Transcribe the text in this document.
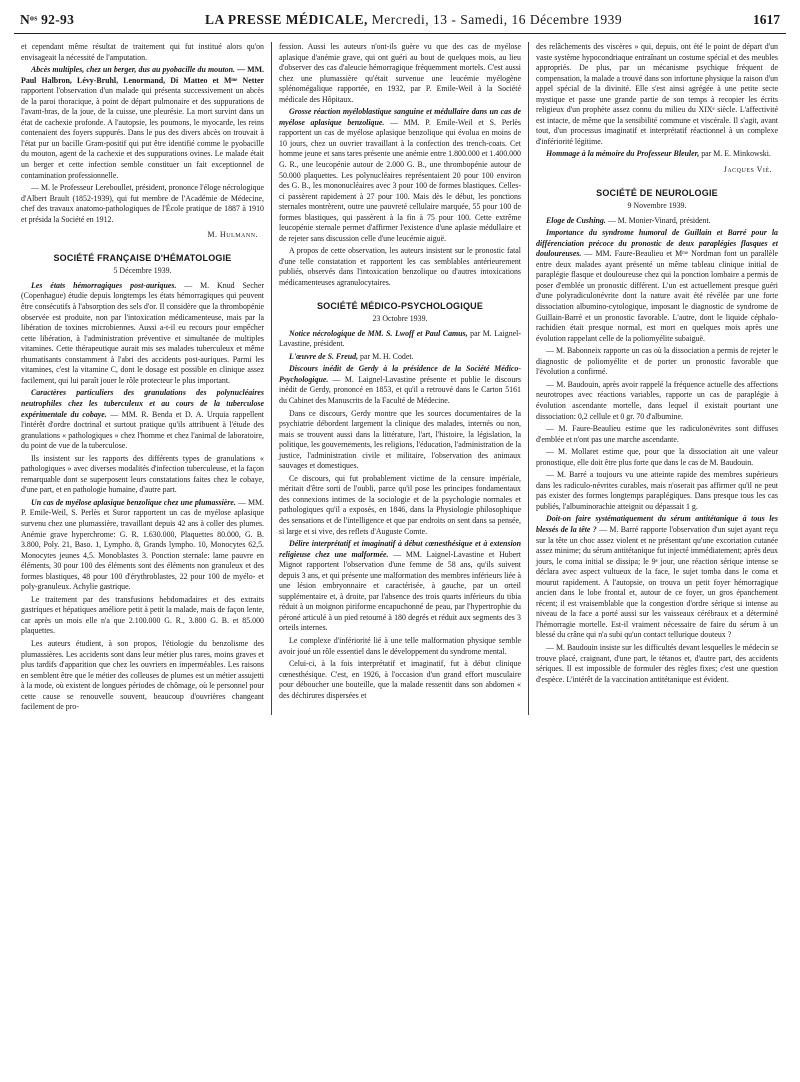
Nᵒˢ 92-93	LA PRESSE MÉDICALE, Mercredi, 13 - Samedi, 16 Décembre 1939	1617

et cependant même résultat de traitement qui fut institué alors qu'on envisageait la nécessité de l'amputation.

Abcès multiples, chez un berger, dus au pyobacille du mouton. — MM. Paul Halbron, Lévy-Bruhl, Lenormand, Di Matteo et Mᵐᵉ Netter rapportent l'observation d'un malade qui présenta successivement un abcès de la paroi thoracique, à point de départ pulmonaire et des suppurations de l'avant-bras, de la joue, de la cuisse, une pleurésie. La mort survint dans un état de cachexie profonde. A l'autopsie, les poumons, le myocarde, les reins contenaient des foyers suppurés. Dans le pus des divers abcès on trouvait à l'état pur un bacille Gram-positif qui put être identifié comme le pyobacille du mouton, agent de la cachexie et des suppurations ovines. Le malade était un berger et cette infection semble constituer un fait exceptionnel de contamination professionnelle.

— M. le Professeur Lereboullet, président, prononce l'éloge nécrologique d'Albert Brault (1852-1939), qui fut membre de l'Académie de Médecine, chef des travaux anatomo-pathologiques de l'École pratique de 1887 à 1910 et présida la Société en 1912.

M. Hulmann.
SOCIÉTÉ FRANÇAISE D'HÉMATOLOGIE
5 Décembre 1939.

Les états hémorragiques post-auriques. — M. Knud Secher (Copenhague) étudie depuis longtemps les états hémorragiques qui peuvent être consécutifs à l'absorption des sels d'or. Il considère que la thrombopénie observée est produite, non par l'intoxication médicamenteuse, mais par la libération de toxines microbiennes. Aussi a-t-il eu recours pour empêcher cette libération, à l'administration préventive et simultanée de multiples vitamines. Cette thérapeutique aurait mis ses malades tuberculeux et même rhumatisants constamment à l'abri des accidents post-auriques. Parmi les vitamines, c'est la vitamine C, dont le dosage est possible en clinique assez facilement, qui lui paraît jouer le rôle protecteur le plus important.

Caractères particuliers des granulations des polynucléaires neutrophiles chez les tuberculeux et au cours de la tuberculose expérimentale du cobaye. — MM. R. Benda et D. A. Urquia rappellent l'intérêt d'ordre doctrinal et surtout pratique qu'ils attribuent à l'étude des granulations « pathologiques » chez l'homme et chez l'animal de laboratoire, du point de vue de la tuberculose.

Ils insistent sur les rapports des différents types de granulations « pathologiques » avec diverses modalités d'infection tuberculeuse, et la façon remarquable dont se superposent leurs constatations faites chez le cobaye, d'une part, et en pathologie humaine, d'autre part.

Un cas de myélose aplasique benzolique chez une plumassière. — MM. P. Emile-Weil, S. Perlès et Suror rapportent un cas de myélose aplasique survenu chez une plumassière, travaillant depuis 42 ans à coller des plumes. Anémie grave hyperchrome: G. R. 1.630.000, Plaquettes 80.000, G. B. 3.800, Poly. 21, Baso. 1, Lympho. 8, Grands lympho. 10, Monocytes 62,5. Monocytes jeunes 4,5. Monoblastes 3. Ponction sternale: lame pauvre en éléments, 30 pour 100 des éléments sont des éléments non granuleux et des formes blastiques, 48 pour 100 d'érythroblastes, 22 pour 100 de myélo- et poly-granuleux. Achylie gastrique.

Le traitement par des transfusions hebdomadaires et des extraits gastriques et hépatiques améliore petit à petit la malade, mais de façon lente, car après un mois elle n'a que 2.100.000 G. R., 3.800 G. B. et 85.000 plaquettes.

Les auteurs étudient, à son propos, l'étiologie du benzolisme des plumassières. Les accidents sont dans leur métier plus rares, moins graves et plus tardifs d'apparition que chez les ouvriers en imperméables. Les raisons en semblent être que le métier des colleuses de plumes est un métier assujetti à la mode, où existent de longues périodes de chômage, où le personnel pour cette cause se renouvelle souvent, beaucoup d'ouvrières changeant facilement de pro-

fession. Aussi les auteurs n'ont-ils guère vu que des cas de myélose aplasique d'anémie grave, qui ont guéri au bout de quelques mois, au lieu d'observer des cas d'aleucie hémorragique fréquemment mortels. C'est aussi chez une plumassière qu'était survenue une leucémie myélogène splénomégalique rapportée, en 1932, par P. Emile-Weil à la Société médicale des Hôpitaux.

Grosse réaction myéloblastique sanguine et médullaire dans un cas de myélose aplasique benzolique. — MM. P. Emile-Weil et S. Perlès rapportent un cas de myélose aplasique benzolique qui évolua en moins de 10 jours, chez un ouvrier travaillant à la confection des trench-coats. Cet homme jeune et sans tares présente une anémie entre 1.800.000 et 1.400.000 G. R., une leucopénie autour de 2.000 G. B., une thrombopénie autour de 50.000 plaquettes. Les polynucléaires représentaient 20 pour 100 environ des G. B., les mononucléaires avec 3 pour 100 de formes blastiques. Celles-ci passèrent rapidement à 27 pour 100. Mais dès le début, les ponctions sternales montrèrent, outre une pauvreté cellulaire marquée, 55 pour 100 de formes blastiques, qui passèrent à la fin à 75 pour 100. Cette extrême leucopénie sternale permet d'affirmer l'existence d'une aplasie médullaire et de rejeter sans discussion celle d'une leucémie aiguë.

A propos de cette observation, les auteurs insistent sur le pronostic fatal d'une telle constatation et rapportent les cas semblables antérieurement publiés, observés dans l'intoxication benzolique ou d'autres intoxications médicamenteuses agranulocytaires.

SOCIÉTÉ MÉDICO-PSYCHOLOGIQUE
23 Octobre 1939.

Notice nécrologique de MM. S. Lwoff et Paul Camus, par M. Laignel-Lavastine, président.

L'œuvre de S. Freud, par M. H. Codet.

Discours inédit de Gerdy à la présidence de la Société Médico-Psychologique. — M. Laignel-Lavastine présente et publie le discours inédit de Gerdy, prononcé en 1853, et qu'il a retrouvé dans le Carton 5161 du Cabinet des Manuscrits de la Faculté de Médecine.

Dans ce discours, Gerdy montre que les sources documentaires de la psychiatrie débordent largement la clinique des malades, internés ou non, mais se trouvent aussi dans la littérature, l'art, l'histoire, la législation, la politique, les gouvernements, les religions, l'éducation, l'administration de la justice, l'administration civile et militaire, l'observation des animaux sauvages et domestiques.

Ce discours, qui fut probablement victime de la censure impériale, méritait d'être sorti de l'oubli, parce qu'il pose les principes fondamentaux des connexions intimes de la sociologie et de la psychologie normales et pathologiques qu'il a exposés, en 1846, dans la Physiologie philosophique des sensations et de l'intelligence et que par endroits on sent dans sa pensée, si large et si vive, des reflets d'Auguste Comte.

Délire interprétatif et imaginatif à début cœnesthésique et à extension religieuse chez une malformée. — MM. Laignel-Lavastine et Hubert Mignot rapportent l'observation d'une femme de 58 ans, qu'ils suivent depuis 3 ans, et qui présente une malformation des membres inférieurs liée à une lésion embryonnaire et caractérisée, à gauche, par un orteil supplémentaire et, à droite, par l'absence des trois quarts inférieurs du tibia réduit à un moignon piriforme encapuchonné de peau, par l'hypertrophie du péroné articulé à un pied retourné à 180 degrés et réduit aux segments des 3 orteils internes.

Le complexe d'infériorité lié à une telle malformation physique semble avoir joué un rôle essentiel dans le développement du syndrome mental.

Celui-ci, à la fois interprétatif et imaginatif, fut à début clinique cœnesthésique. C'est, en 1926, à l'occasion d'un grand effort musculaire pour déboucher une bouteille, que la malade ressentit dans son abdomen « des déchirures dispersées et

des relâchements des viscères » qui, depuis, ont été le point de départ d'un vaste système hypocondriaque entraînant un costume spécial et des meubles appropriés. De plus, par un mécanisme psychique fréquent de compensation, la malade a trouvé dans son infortune physique la raison d'un appel spécial de la divinité. Elle s'est ainsi agrégée à une petite secte mystique et passe une grande partie de son temps à recopier les écrits religieux d'un prophète assez connu du milieu du XIXᵉ siècle. L'affectivité est intacte, de même que la sensibilité commune et viscérale. Il s'agit, avant tout, d'un processus imaginatif et interprétatif réactionnel à un complexe d'infériorité légitime.

Hommage à la mémoire du Professeur Bleuler, par M. E. Minkowski.

Jacques Vié.
SOCIÉTÉ DE NEUROLOGIE
9 Novembre 1939.

Eloge de Cushing. — M. Monier-Vinard, président.

Importance du syndrome humoral de Guillain et Barré pour la différenciation précoce du pronostic de deux paraplégies flasques et douloureuses. — MM. Faure-Beaulieu et Mᵐᵉ Nordman font un parallèle entre deux malades ayant présenté un même tableau clinique initial de paraplégie flasque et douloureuse chez qui la ponction lombaire a permis de poser d'emblée un pronostic différent. L'un est actuellement presque guéri d'une polyradiculonévrite dont la nature avait été révélée par une forte dissociation albumino-cytologique, imposant le diagnostic de syndrome de Guillain-Barré et un pronostic favorable. L'autre, dont le liquide céphalo-rachidien était presque normal, est mort en quelques mois après une évolution rappelant celle de la poliomyélite subaiguë.

— M. Babonneix rapporte un cas où la dissociation a permis de rejeter le diagnostic de poliomyélite et de porter un pronostic favorable que l'évolution a confirmé.

— M. Baudouin, après avoir rappelé la fréquence actuelle des affections neurotropes avec réactions variables, rapporte un cas de paraplégie à évolution ascendante mortelle, dans lequel il existait pourtant une dissociation: 0,2 cellule et 0 gr. 70 d'albumine.

— M. Faure-Beaulieu estime que les radiculonévrites sont diffuses d'emblée et n'ont pas une marche ascendante.

— M. Mollaret estime que, pour que la dissociation ait une valeur pronostique, elle doit être plus forte que dans le cas de M. Baudouin.

— M. Barré a toujours vu une atteinte rapide des membres supérieurs dans les radiculo-névrites curables, mais n'oserait pas affirmer qu'il ne peut pas exister des formes longtemps paraplégiques. Dans presque tous les cas publiés, l'albuminorachie atteignit ou dépassait 1 g.

Doit-on faire systématiquement du sérum antitétanique à tous les blessés de la tête ? — M. Barré rapporte l'observation d'un sujet ayant reçu sur la tête un choc assez violent et ne présentant qu'une excoriation cutanée assez minime; du sérum antitétanique fut injecté immédiatement; après deux jours, le coma initial se dissipa; le 9ᵉ jour, une réaction sérique intense se déclara avec aspect vultueux de la face, le sujet tomba dans le coma et mourut rapidement. A l'autopsie, on trouva un petit foyer hémorragique ancien dans le lobe frontal et, autour de ce foyer, un gros épanchement récent; il est vraisemblable que la congestion d'ordre sérique si intense au niveau de la face a porté aussi sur les vaisseaux cérébraux et a déterminé l'hémorragie mortelle. Est-il vraiment nécessaire de faire du sérum à un blessé du crâne qui n'a subi qu'un contact tellurique douteux ?

— M. Baudouin insiste sur les difficultés devant lesquelles le médecin se trouve placé, craignant, d'une part, le tétanos et, d'autre part, des accidents sériques. Il est impossible de formuler des règles fixes; c'est une question d'espèce. L'intérêt de la vaccination antitétanique est évident.
